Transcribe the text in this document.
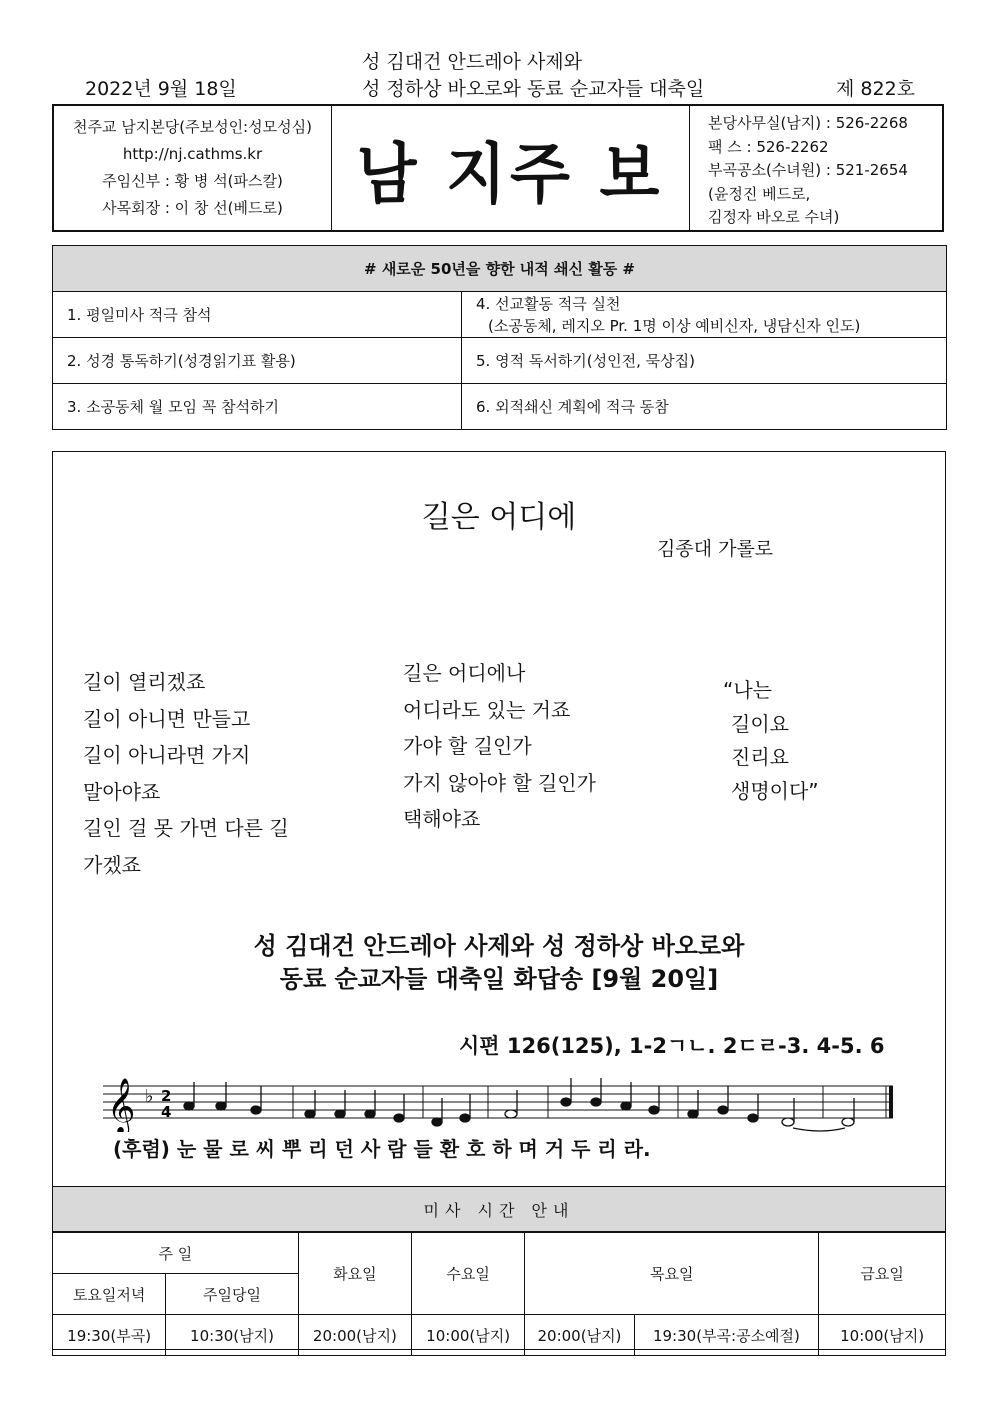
성 김대건 안드레아 사제와
2022년 9월 18일	성 정하상 바오로와 동료 순교자들 대축일	제 822호
천주교 남지본당(주보성인:성모성심)
http://nj.cathms.kr
주임신부 : 황 병 석(파스칼)
사목회장 : 이 창 선(베드로) 남 지주 보
본당사무실(남지) : 526-2268
팩 스 : 526-2262
부곡공소(수녀원) : 521-2654
(윤정진 베드로,
김정자 바오로 수녀)
# 새로운 50년을 향한 내적 쇄신 활동 #	
1. 평일미사 적극 참석	4. 선교활동 적극 실천
(소공동체, 레지오 Pr. 1명 이상 예비신자, 냉담신자 인도)

2. 성경 통독하기(성경읽기표 활용)	5. 영적 독서하기(성인전, 묵상집)
3. 소공동체 월 모임 꼭 참석하기	6. 외적쇄신 계획에 적극 동참
길은 어디에
김종대 가롤로
길이 열리겠죠
길이 아니면 만들고
길이 아니라면 가지
말아야죠
길인 걸 못 가면 다른 길
가겠죠
길은 어디에나
어디라도 있는 거죠
가야 할 길인가
가지 않아야 할 길인가
택해야죠
“나는
길이요
진리요
생명이다”
성 김대건 안드레아 사제와 성 정하상 바오로와
동료 순교자들 대축일 화답송 [9월 20일]
시편 126(125), 1-2ㄱㄴ. 2ㄷㄹ-3. 4-5. 6
𝄞 ♭ 2
4
(후렴) 눈 물 로 씨 뿌 리 던 사 람 들 환 호 하 며 거 두 리 라.
미사 시간 안내
주 일		화요일	수요일	목요일		금요일
토요일저녁	주일당일					
19:30(부곡)	10:30(남지)	20:00(남지)	10:00(남지)	20:00(남지)	19:30(부곡:공소예절)	10:00(남지)
